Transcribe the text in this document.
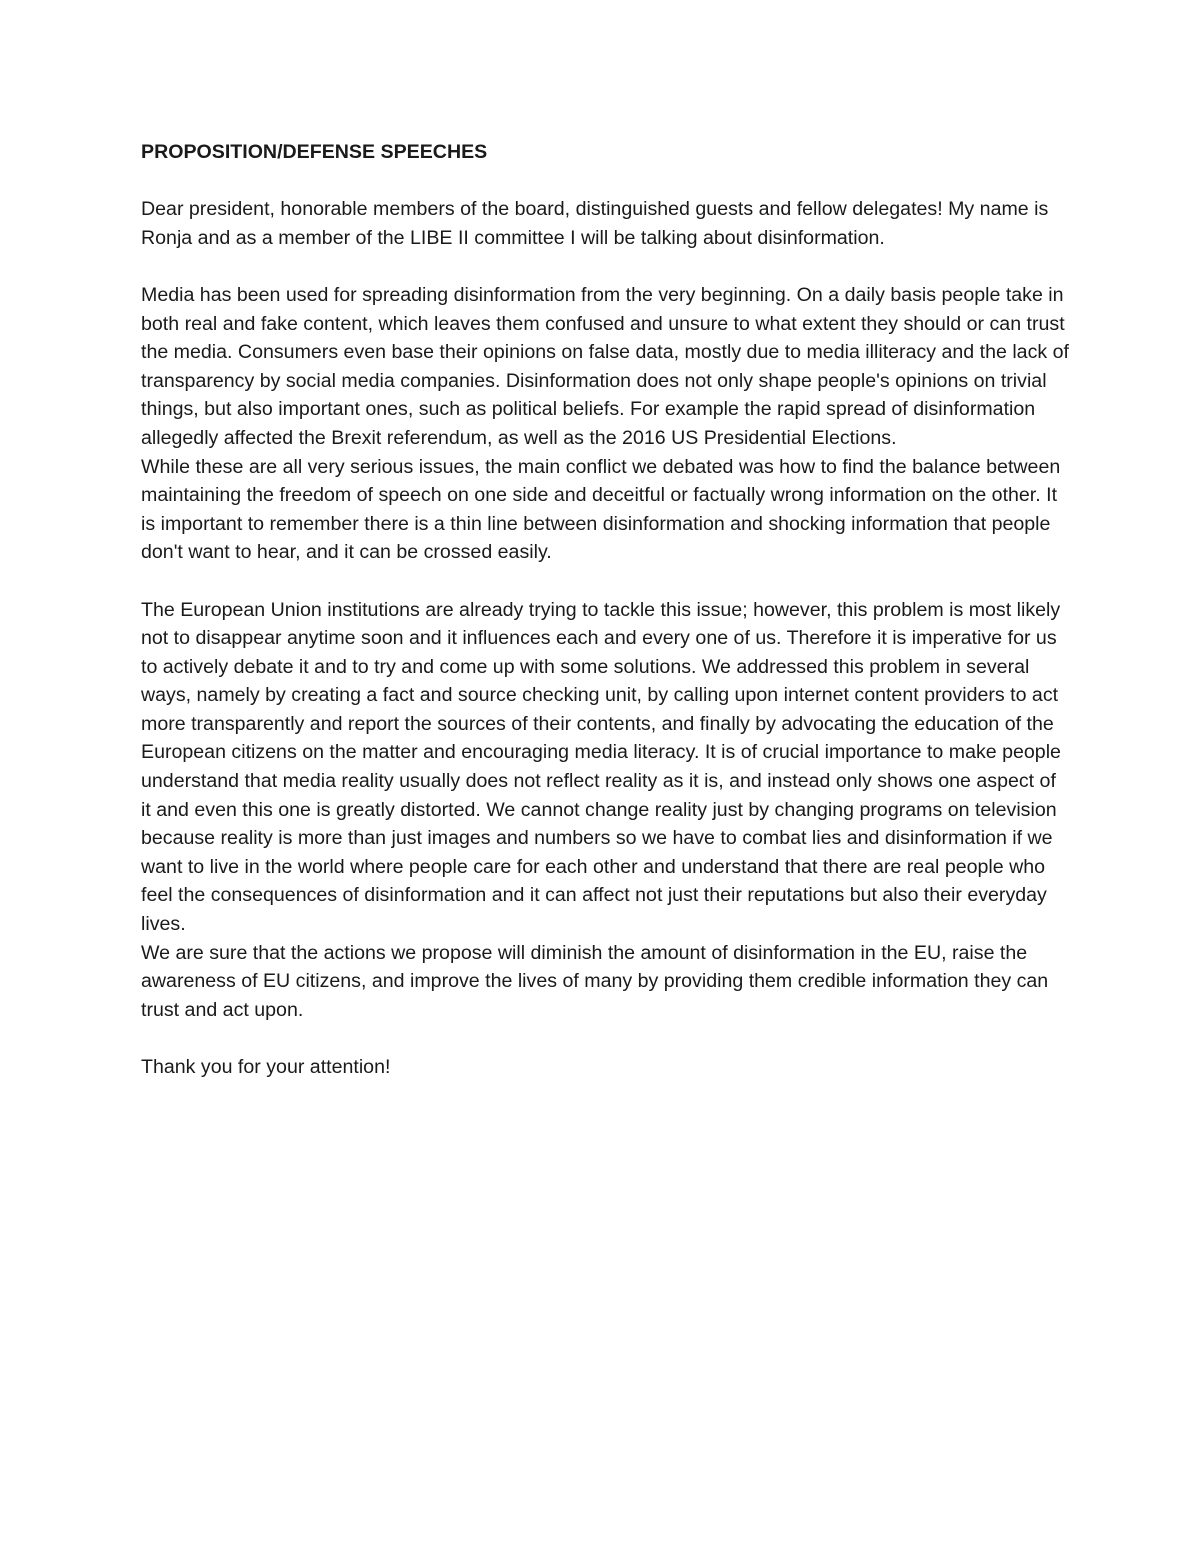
PROPOSITION/DEFENSE SPEECHES

Dear president, honorable members of the board, distinguished guests and fellow delegates! My name is Ronja and as a member of the LIBE II committee I will be talking about disinformation.

Media has been used for spreading disinformation from the very beginning. On a daily basis people take in both real and fake content, which leaves them confused and unsure to what extent they should or can trust the media. Consumers even base their opinions on false data, mostly due to media illiteracy and the lack of transparency by social media companies. Disinformation does not only shape people's opinions on trivial things, but also important ones, such as political beliefs. For example the rapid spread of disinformation allegedly affected the Brexit referendum, as well as the 2016 US Presidential Elections.

While these are all very serious issues, the main conflict we debated was how to find the balance between maintaining the freedom of speech on one side and deceitful or factually wrong information on the other. It is important to remember there is a thin line between disinformation and shocking information that people don't want to hear, and it can be crossed easily.

The European Union institutions are already trying to tackle this issue; however, this problem is most likely not to disappear anytime soon and it influences each and every one of us. Therefore it is imperative for us to actively debate it and to try and come up with some solutions. We addressed this problem in several ways, namely by creating a fact and source checking unit, by calling upon internet content providers to act more transparently and report the sources of their contents, and finally by advocating the education of the European citizens on the matter and encouraging media literacy. It is of crucial importance to make people understand that media reality usually does not reflect reality as it is, and instead only shows one aspect of it and even this one is greatly distorted. We cannot change reality just by changing programs on television because reality is more than just images and numbers so we have to combat lies and disinformation if we want to live in the world where people care for each other and understand that there are real people who feel the consequences of disinformation and it can affect not just their reputations but also their everyday lives.

We are sure that the actions we propose will diminish the amount of disinformation in the EU, raise the awareness of EU citizens, and improve the lives of many by providing them credible information they can trust and act upon.

Thank you for your attention!
